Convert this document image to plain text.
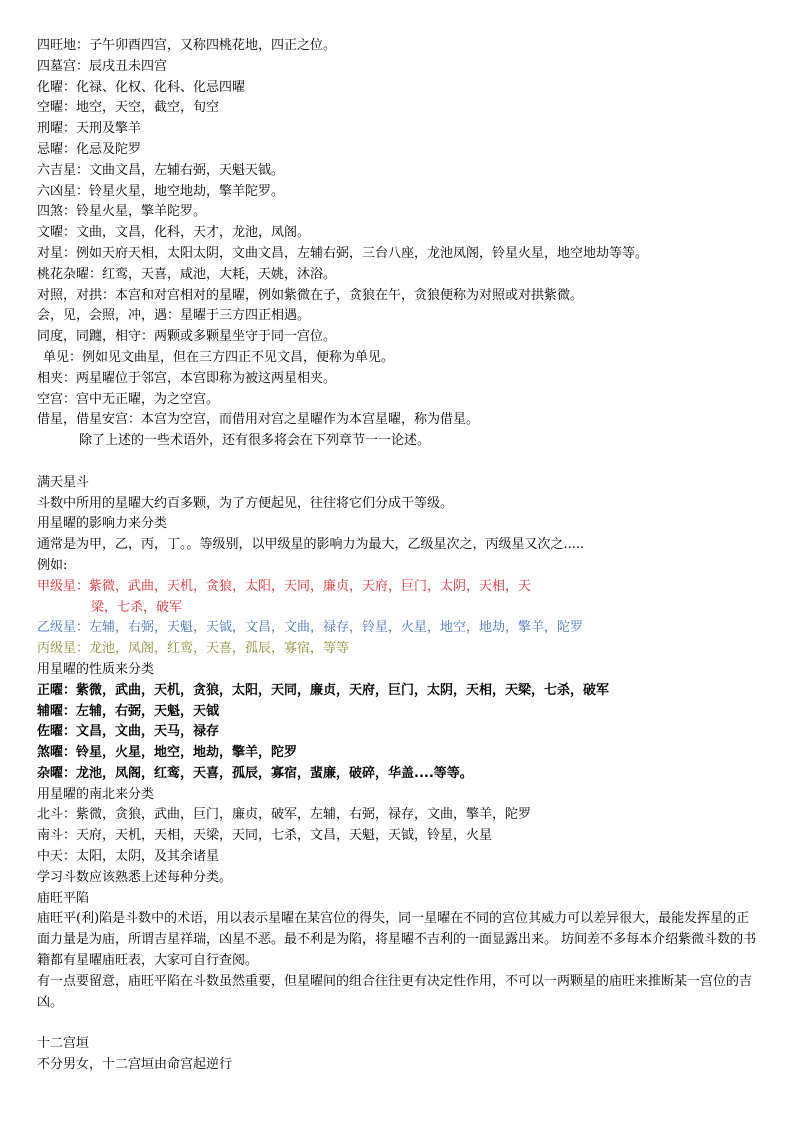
四旺地：子午卯酉四宫，又称四桃花地，四正之位。
四墓宫：辰戌丑未四宫
化曜：化禄、化权、化科、化忌四曜
空曜：地空，天空，截空，旬空
刑曜：天刑及擎羊
忌曜：化忌及陀罗
六吉星：文曲文昌，左辅右弼，天魁天钺。
六凶星：铃星火星，地空地劫，擎羊陀罗。
四煞：铃星火星，擎羊陀罗。
文曜：文曲，文昌，化科，天才，龙池，凤阁。
对星：例如天府天相，太阳太阴，文曲文昌，左辅右弼，三台八座，龙池凤阁，铃星火星，地空地劫等等。
桃花杂曜：红鸾，天喜，咸池，大耗，天姚，沐浴。
对照，对拱：本宫和对宫相对的星曜，例如紫微在子，贪狼在午，贪狼便称为对照或对拱紫微。
会，见，会照，冲，遇：星曜于三方四正相遇。
同度，同躔，相守：两颗或多颗星坐守于同一宫位。
单见：例如见文曲星，但在三方四正不见文昌，便称为单见。
相夹：两星曜位于邻宫，本宫即称为被这两星相夹。
空宫：宫中无正曜，为之空宫。
借星，借星安宫：本宫为空宫，而借用对宫之星曜作为本宫星曜，称为借星。
除了上述的一些术语外，还有很多将会在下列章节一一论述。
满天星斗
斗数中所用的星曜大约百多颗，为了方便起见，往往将它们分成干等级。
用星曜的影响力来分类
通常是为甲，乙，丙，丁。。等级别，以甲级星的影响力为最大，乙级星次之，丙级星又次之.....
例如:
甲级星：紫微，武曲，天机，贪狼，太阳，天同，廉贞，天府，巨门，太阴，天相，天
梁，七杀，破军
乙级星：左辅，右弼，天魁，天钺，文昌，文曲，禄存，铃星，火星，地空，地劫，擎羊，陀罗
丙级星：龙池，凤阁，红鸾，天喜，孤辰，寡宿，等等
用星曜的性质来分类
正曜：紫微，武曲，天机，贪狼，太阳，天同，廉贞，天府，巨门，太阴，天相，天梁，七杀，破军
辅曜：左辅，右弼，天魁，天钺
佐曜：文昌，文曲，天马，禄存
煞曜：铃星，火星，地空，地劫，擎羊，陀罗
杂曜：龙池，凤阁，红鸾，天喜，孤辰，寡宿，蜚廉，破碎，华盖....等等。
用星曜的南北来分类
北斗：紫微，贪狼，武曲，巨门，廉贞，破军，左辅，右弼，禄存，文曲，擎羊，陀罗
南斗：天府，天机，天相，天梁，天同，七杀，文昌，天魁，天钺，铃星，火星
中天：太阳，太阴，及其余诸星
学习斗数应该熟悉上述每种分类。
庙旺平陷
庙旺平(利)陷是斗数中的术语，用以表示星曜在某宫位的得失，同一星曜在不同的宫位其威力可以差异很大，最能发挥星的正面力量是为庙，所谓吉星祥瑞，凶星不恶。最不利是为陷，将星曜不吉利的一面显露出来。 坊间差不多每本介绍紫微斗数的书籍都有星曜庙旺表，大家可自行查阅。
有一点要留意，庙旺平陷在斗数虽然重要，但星曜间的组合往往更有决定性作用，不可以一两颗星的庙旺来推断某一宫位的吉凶。
十二宫垣
不分男女，十二宫垣由命宫起逆行
